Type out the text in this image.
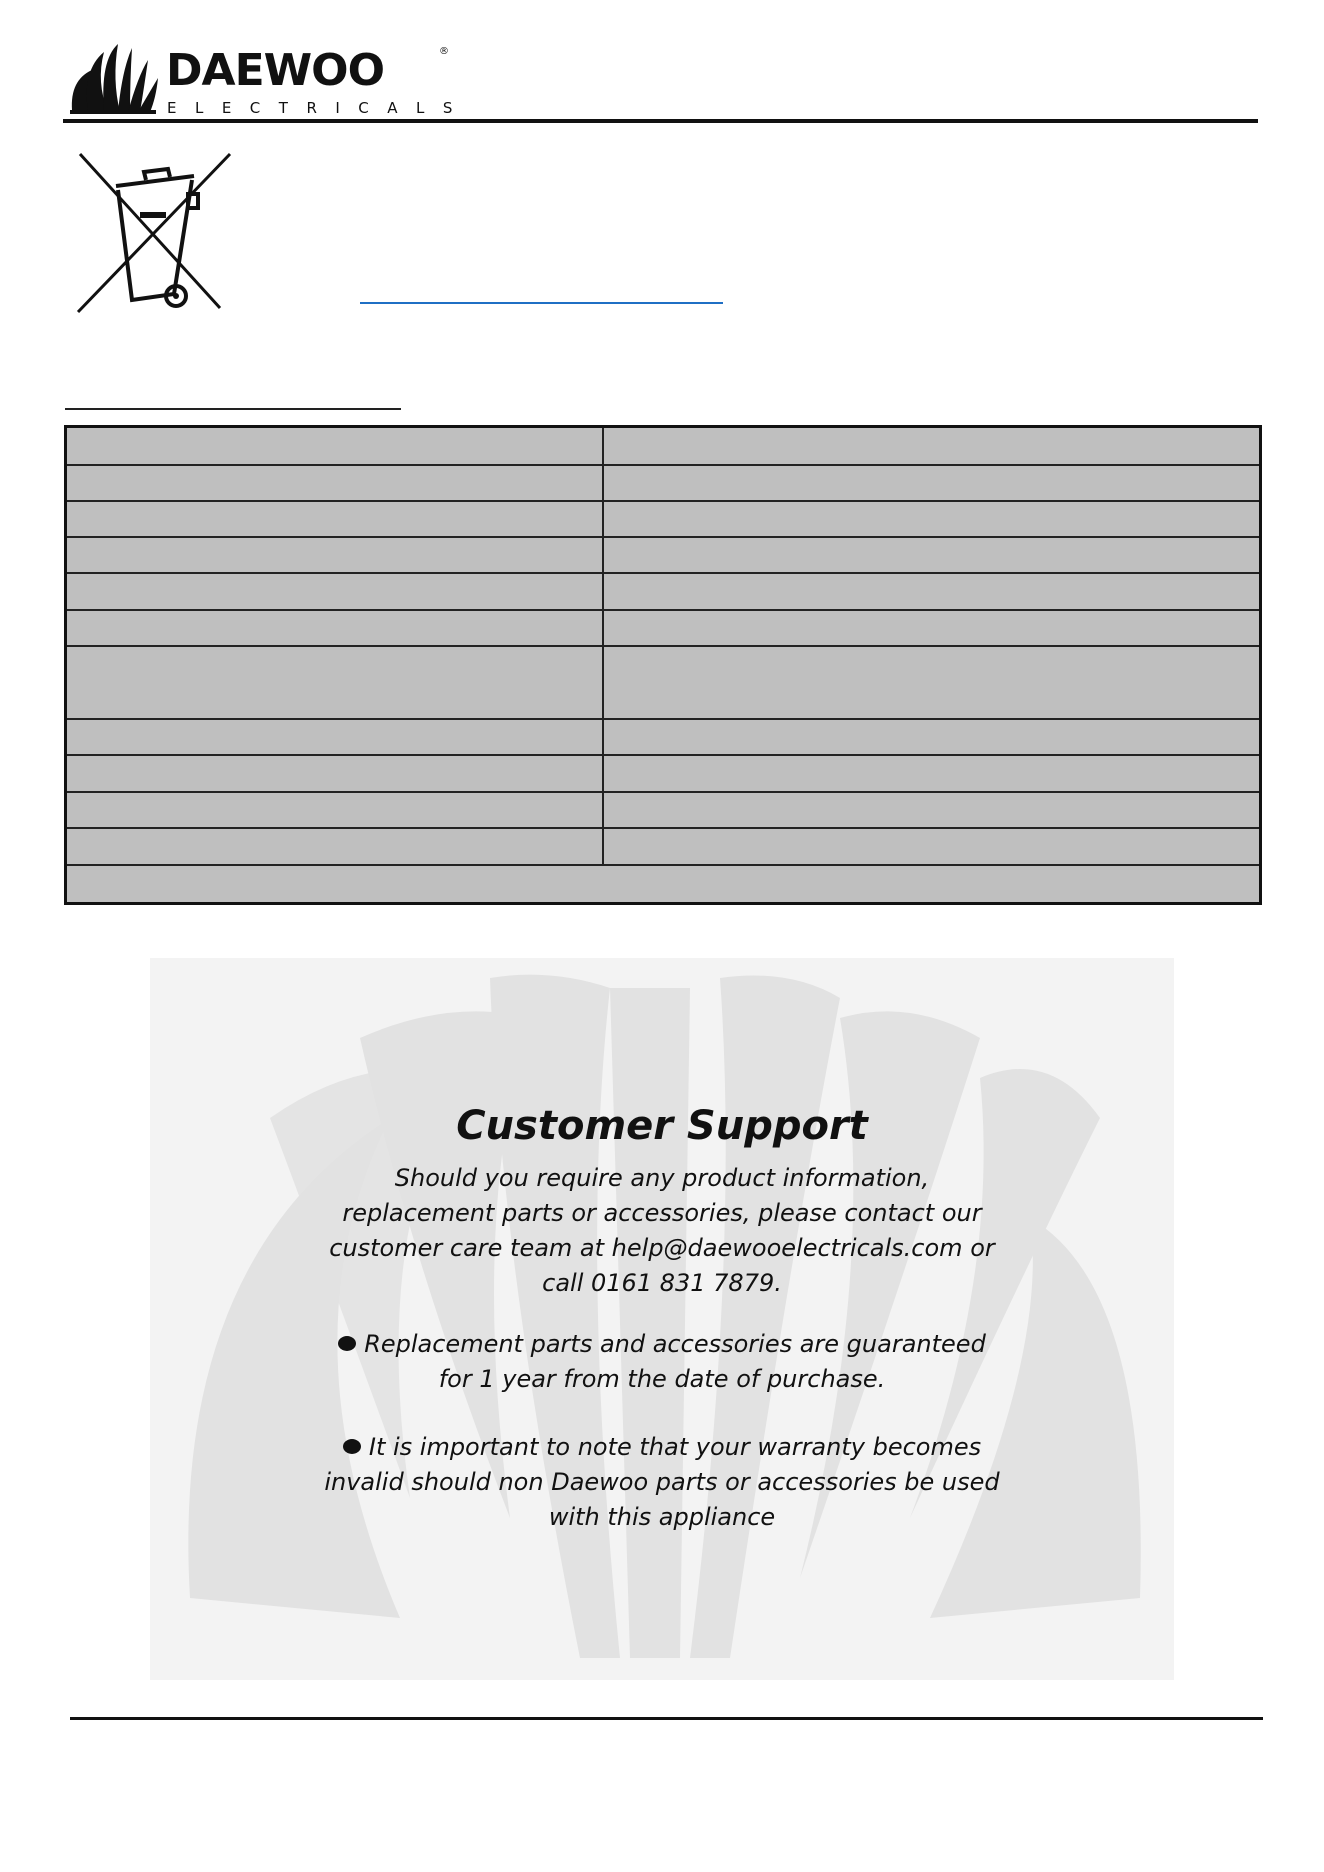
DAEWOO	®
ELECTRICALS

Customer Support

Should you require any product information,

replacement parts or accessories, please contact our

customer care team at help@daewooelectricals.com or

call 0161 831 7879.

Replacement parts and accessories are guaranteed

for 1 year from the date of purchase.

It is important to note that your warranty becomes

invalid should non Daewoo parts or accessories be used

with this appliance
